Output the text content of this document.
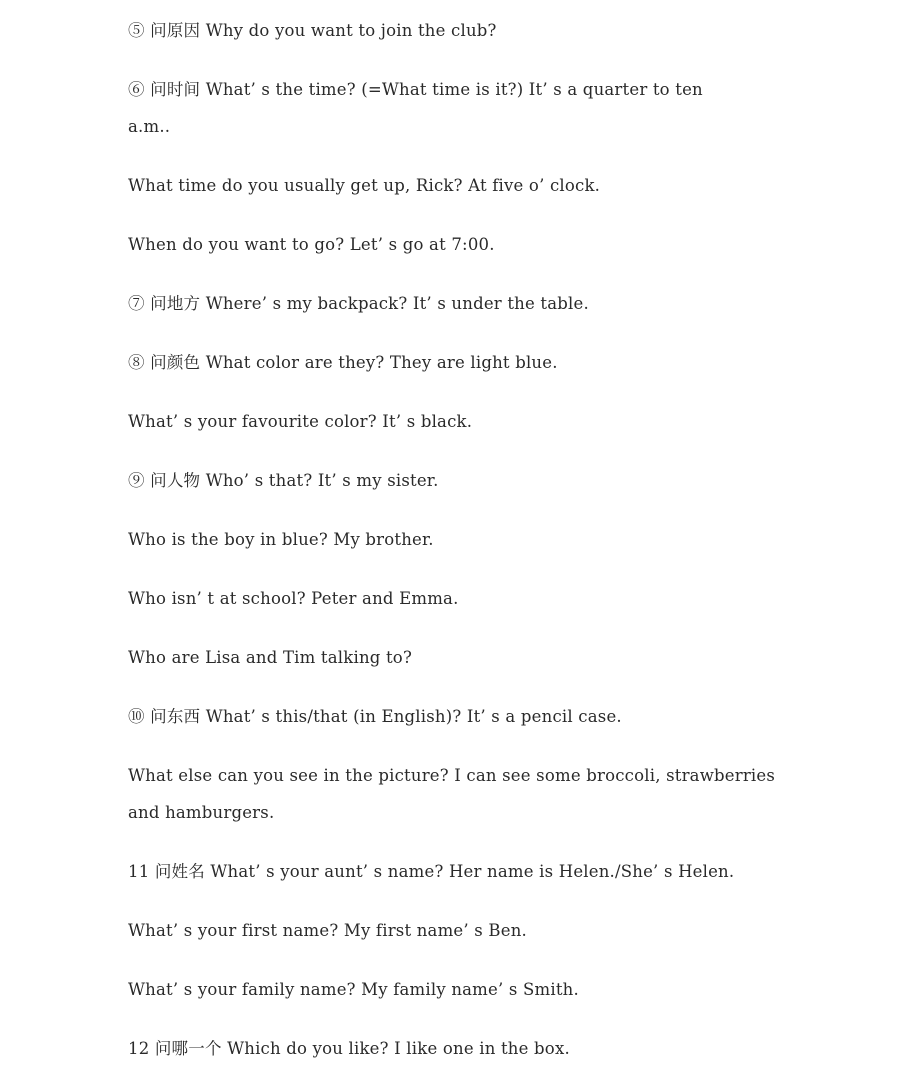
⑤ 问原因 Why do you want to join the club?
⑥ 问时间 What’ s the time? (=What time is it?) It’ s a quarter to ten
a.m..
What time do you usually get up, Rick? At five o’ clock.
When do you want to go? Let’ s go at 7:00.
⑦ 问地方 Where’ s my backpack? It’ s under the table.
⑧ 问颜色 What color are they? They are light blue.
What’ s your favourite color? It’ s black.
⑨ 问人物 Who’ s that? It’ s my sister.
Who is the boy in blue? My brother.
Who isn’ t at school? Peter and Emma.
Who are Lisa and Tim talking to?
⑩ 问东西 What’ s this/that (in English)? It’ s a pencil case.
What else can you see in the picture? I can see some broccoli, strawberries
and hamburgers.
11 问姓名 What’ s your aunt’ s name? Her name is Helen./She’ s Helen.
What’ s your first name? My first name’ s Ben.
What’ s your family name? My family name’ s Smith.
12 问哪一个 Which do you like? I like one in the box.
